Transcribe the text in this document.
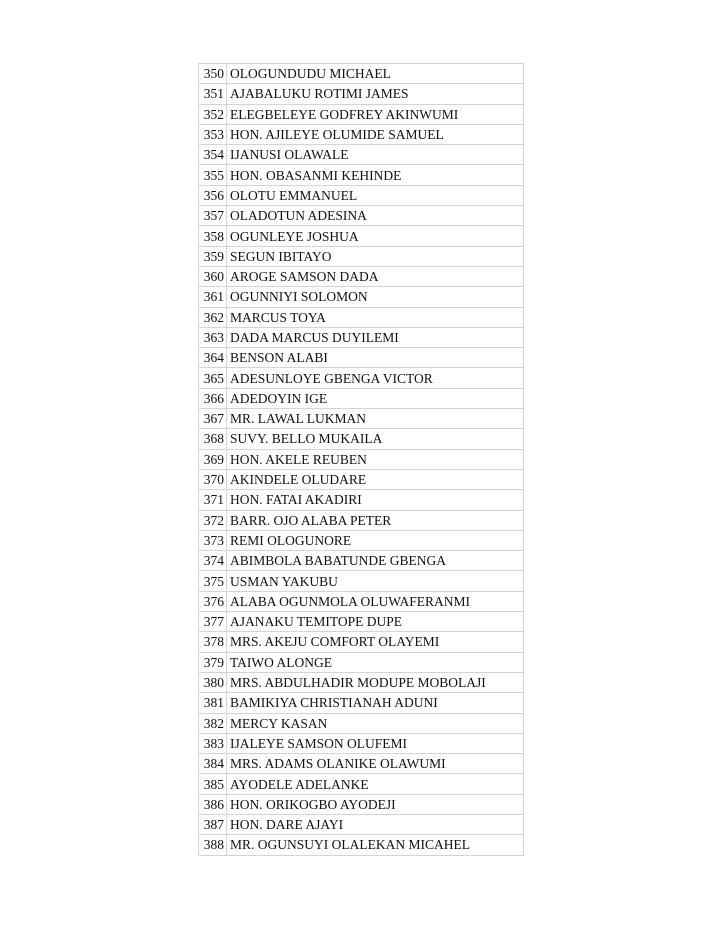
350	OLOGUNDUDU MICHAEL
351	AJABALUKU ROTIMI JAMES
352	ELEGBELEYE GODFREY AKINWUMI
353	HON. AJILEYE OLUMIDE SAMUEL
354	IJANUSI OLAWALE
355	HON. OBASANMI KEHINDE
356	OLOTU EMMANUEL
357	OLADOTUN ADESINA
358	OGUNLEYE JOSHUA
359	SEGUN IBITAYO
360	AROGE SAMSON DADA
361	OGUNNIYI SOLOMON
362	MARCUS TOYA
363	DADA MARCUS DUYILEMI
364	BENSON ALABI
365	ADESUNLOYE GBENGA VICTOR
366	ADEDOYIN IGE
367	MR. LAWAL LUKMAN
368	SUVY. BELLO MUKAILA
369	HON. AKELE REUBEN
370	AKINDELE OLUDARE
371	HON. FATAI AKADIRI
372	BARR. OJO ALABA PETER
373	REMI OLOGUNORE
374	ABIMBOLA BABATUNDE GBENGA
375	USMAN YAKUBU
376	ALABA OGUNMOLA OLUWAFERANMI
377	AJANAKU TEMITOPE DUPE
378	MRS. AKEJU COMFORT OLAYEMI
379	TAIWO ALONGE
380	MRS. ABDULHADIR MODUPE MOBOLAJI
381	BAMIKIYA CHRISTIANAH ADUNI
382	MERCY KASAN
383	IJALEYE SAMSON OLUFEMI
384	MRS. ADAMS OLANIKE OLAWUMI
385	AYODELE ADELANKE
386	HON. ORIKOGBO AYODEJI
387	HON. DARE AJAYI
388	MR. OGUNSUYI OLALEKAN MICAHEL
